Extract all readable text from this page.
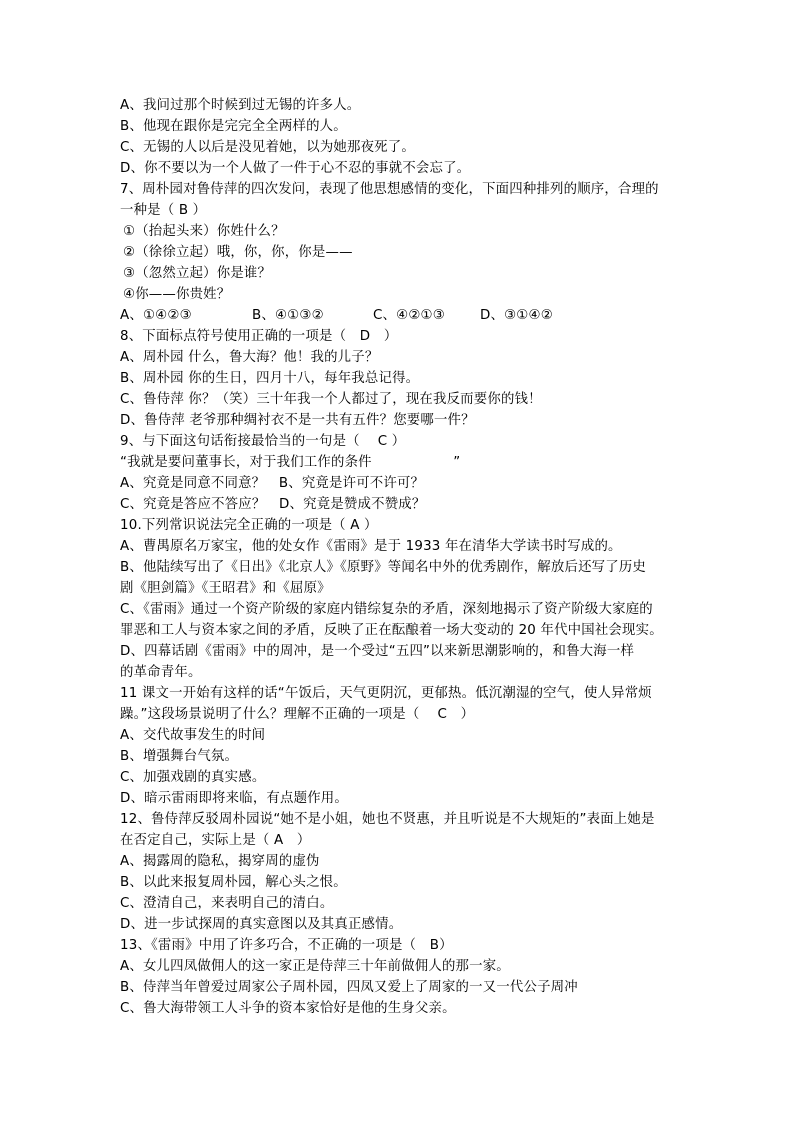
A、我问过那个时候到过无锡的许多人。
B、他现在跟你是完完全全两样的人。
C、无锡的人以后是没见着她，以为她那夜死了。
D、你不要以为一个人做了一件于心不忍的事就不会忘了。
7、周朴园对鲁侍萍的四次发问，表现了他思想感情的变化，下面四种排列的顺序，合理的
一种是（ B ）
①（抬起头来）你姓什么？
②（徐徐立起）哦，你，你，你是——
③（忽然立起）你是谁？
④你——你贵姓？
A、①④②③	B、④①③②	C、④②①③	D、③①④②
8、下面标点符号使用正确的一项是（　D　）
A、周朴园 什么，鲁大海？他！我的儿子？
B、周朴园 你的生日，四月十八，每年我总记得。
C、鲁侍萍 你？（笑）三十年我一个人都过了，现在我反而要你的钱！
D、鲁侍萍 老爷那种绸衬衣不是一共有五件？您要哪一件？
9、与下面这句话衔接最恰当的一句是（　 C ）
“我就是要问董事长，对于我们工作的条件　　　　　　”
A、究竟是同意不同意？　B、究竟是许可不许可？
C、究竟是答应不答应？　D、究竟是赞成不赞成？
10.下列常识说法完全正确的一项是（ A ）
A、曹禺原名万家宝，他的处女作《雷雨》是于 1933 年在清华大学读书时写成的。
B、他陆续写出了《日出》《北京人》《原野》等闻名中外的优秀剧作，解放后还写了历史
剧《胆剑篇》《王昭君》和《屈原》
C、《雷雨》通过一个资产阶级的家庭内错综复杂的矛盾，深刻地揭示了资产阶级大家庭的
罪恶和工人与资本家之间的矛盾，反映了正在酝酿着一场大变动的 20 年代中国社会现实。
D、四幕话剧《雷雨》中的周冲，是一个受过“五四”以来新思潮影响的，和鲁大海一样
的革命青年。
11 课文一开始有这样的话“午饭后，天气更阴沉，更郁热。低沉潮湿的空气，使人异常烦
躁。”这段场景说明了什么？理解不正确的一项是（　 C　）
A、交代故事发生的时间
B、增强舞台气氛。
C、加强戏剧的真实感。
D、暗示雷雨即将来临，有点题作用。
12、鲁侍萍反驳周朴园说“她不是小姐，她也不贤惠，并且听说是不大规矩的”表面上她是
在否定自己，实际上是（ A　）
A、揭露周的隐私，揭穿周的虚伪
B、以此来报复周朴园，解心头之恨。
C、澄清自己，来表明自己的清白。
D、进一步试探周的真实意图以及其真正感情。
13、《雷雨》中用了许多巧合，不正确的一项是（　B）
A、女儿四凤做佣人的这一家正是侍萍三十年前做佣人的那一家。
B、侍萍当年曾爱过周家公子周朴园，四凤又爱上了周家的一又一代公子周冲
C、鲁大海带领工人斗争的资本家恰好是他的生身父亲。
